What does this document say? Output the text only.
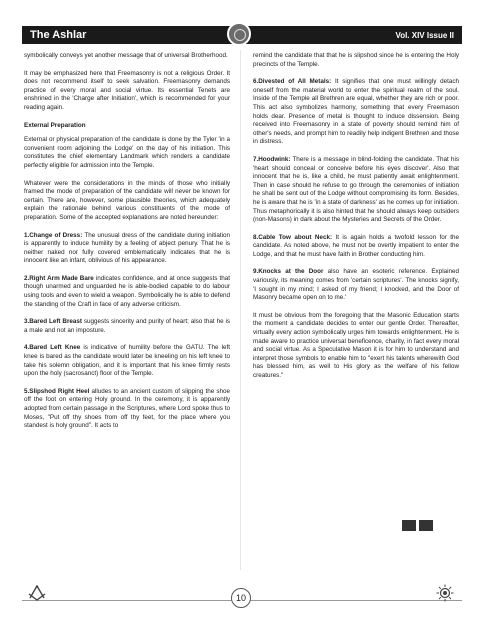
The Ashlar	Vol. XIV Issue II

symbolically conveys yet another message that of universal Brotherhood.

It may be emphasized here that Freemasonry is not a religious Order. It does not recommend itself to seek salvation. Freemasonry demands practice of every moral and social virtue. Its essential Tenets are enshrined in the 'Charge after Initiation', which is recommended for your reading again.

External Preparation

External or physical preparation of the candidate is done by the Tyler 'in a convenient room adjoining the Lodge' on the day of his initiation. This constitutes the chief elementary Landmark which renders a candidate perfectly eligible for admission into the Temple.

Whatever were the considerations in the minds of those who initially framed the mode of preparation of the candidate will never be known for certain. There are, however, some plausible theories, which adequately explain the rationale behind various constituents of the mode of preparation. Some of the accepted explanations are noted hereunder:

1.Change of Dress: The unusual dress of the candidate during initiation is apparently to induce humility by a feeling of abject penury. That he is neither naked nor fully covered emblematically indicates that he is innocent like an infant, oblivious of his appearance.

2.Right Arm Made Bare indicates confidence, and at once suggests that though unarmed and unguarded he is able-bodied capable to do labour using tools and even to wield a weapon. Symbolically he is able to defend the standing of the Craft in face of any adverse criticism.

3.Bared Left Breast suggests sincerity and purity of heart; also that he is a male and not an imposture.

4.Bared Left Knee is indicative of humility before the GATU. The left knee is bared as the candidate would later be kneeling on his left knee to take his solemn obligation, and it is important that his knee firmly rests upon the holy (sacrosanct) floor of the Temple.

5.Slipshod Right Heel alludes to an ancient custom of slipping the shoe off the foot on entering Holy ground. In the ceremony, it is apparently adopted from certain passage in the Scriptures, where Lord spoke thus to Moses, "Put off thy shoes from off thy feet, for the place where you standest is holy ground". It acts to

remind the candidate that that he is slipshod since he is entering the Holy precincts of the Temple.

6.Divested of All Metals: It signifies that one must willingly detach oneself from the material world to enter the spiritual realm of the soul. Inside of the Temple all Brethren are equal, whether they are rich or poor. This act also symbolizes harmony, something that every Freemason holds dear. Presence of metal is thought to induce dissension. Being received into Freemasonry in a state of poverty should remind him of other's needs, and prompt him to readily help indigent Brethren and those in distress.

7.Hoodwink: There is a message in blind-folding the candidate. That his 'heart should conceal or conceive before his eyes discover'. Also that innocent that he is, like a child, he must patiently await enlightenment. Then in case should he refuse to go through the ceremonies of initiation he shall be sent out of the Lodge without compromising its form. Besides, he is aware that he is 'in a state of darkness' as he comes up for initiation. Thus metaphorically it is also hinted that he should always keep outsiders (non-Masons) in dark about the Mysteries and Secrets of the Order.

8.Cable Tow about Neck: It is again holds a twofold lesson for the candidate. As noted above, he must not be overtly impatient to enter the Lodge, and that he must have faith in Brother conducting him.

9.Knocks at the Door also have an esoteric reference. Explained variously, its meaning comes from 'certain scriptures'. The knocks signify, 'I sought in my mind; I asked of my friend; I knocked, and the Door of Masonry became open on to me.'

It must be obvious from the foregoing that the Masonic Education starts the moment a candidate decides to enter our gentle Order. Thereafter, virtually every action symbolically urges him towards enlightenment. He is made aware to practice universal beneficence, charity, in fact every moral and social virtue. As a Speculative Mason it is for him to understand and interpret those symbols to enable him to "exert his talents wherewith God has blessed him, as well to His glory as the welfare of his fellow creatures."

10
